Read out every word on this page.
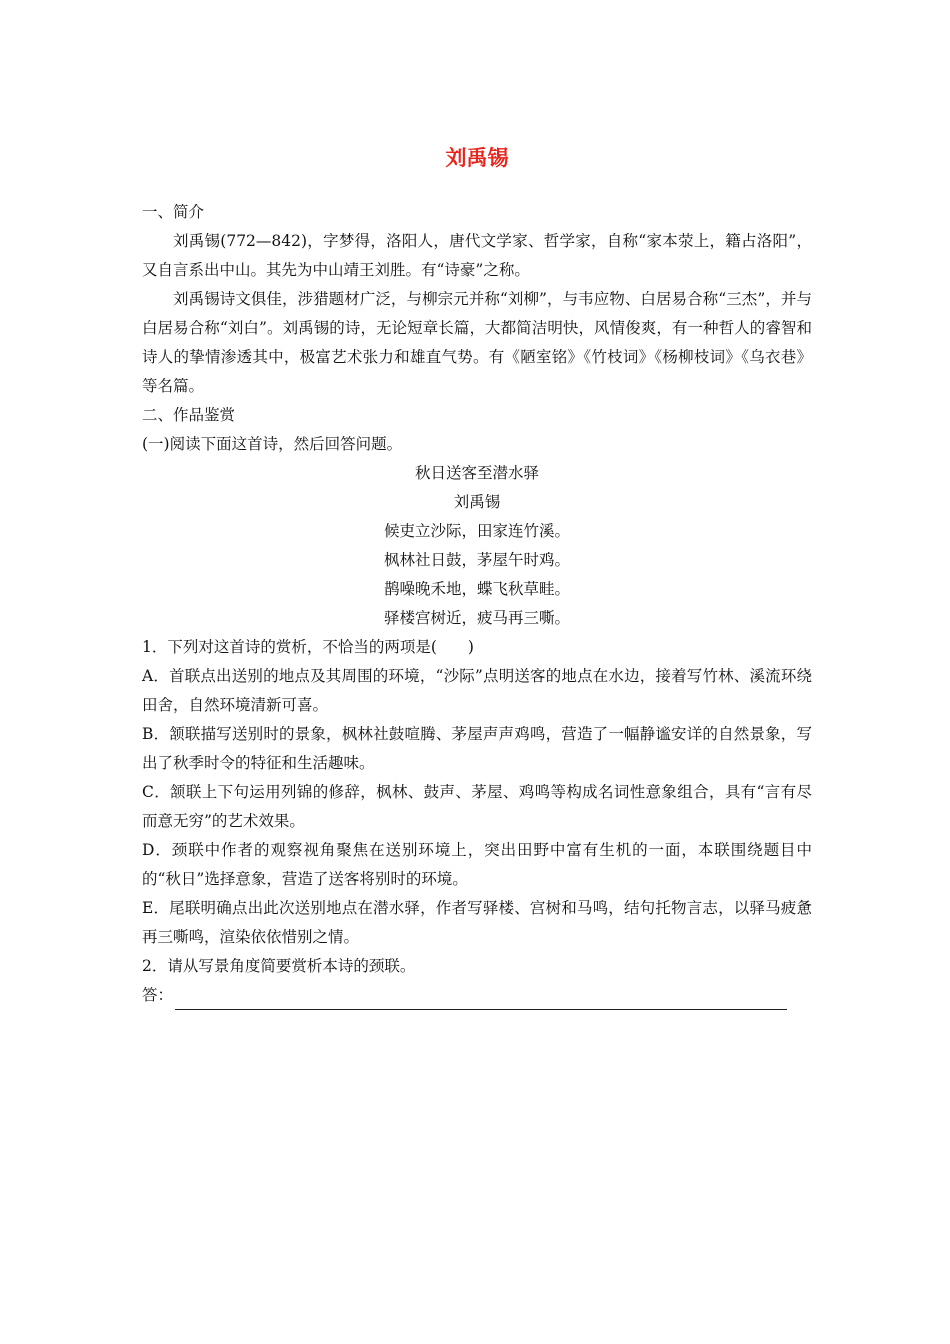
刘禹锡
一、简介

刘禹锡(772—842)，字梦得，洛阳人，唐代文学家、哲学家，自称“家本荥上，籍占洛阳”，又自言系出中山。其先为中山靖王刘胜。有“诗豪”之称。

刘禹锡诗文俱佳，涉猎题材广泛，与柳宗元并称“刘柳”，与韦应物、白居易合称“三杰”，并与白居易合称“刘白”。刘禹锡的诗，无论短章长篇，大都简洁明快，风情俊爽，有一种哲人的睿智和诗人的挚情渗透其中，极富艺术张力和雄直气势。有《陋室铭》《竹枝词》《杨柳枝词》《乌衣巷》等名篇。

二、作品鉴赏
(一)阅读下面这首诗，然后回答问题。
秋日送客至潜水驿
刘禹锡
候吏立沙际，田家连竹溪。
枫林社日鼓，茅屋午时鸡。
鹊噪晚禾地，蝶飞秋草畦。
驿楼宫树近，疲马再三嘶。
1．下列对这首诗的赏析，不恰当的两项是(　　)

A．首联点出送别的地点及其周围的环境，“沙际”点明送客的地点在水边，接着写竹林、溪流环绕田舍，自然环境清新可喜。

B．颔联描写送别时的景象，枫林社鼓喧腾、茅屋声声鸡鸣，营造了一幅静谧安详的自然景象，写出了秋季时令的特征和生活趣味。

C．颔联上下句运用列锦的修辞，枫林、鼓声、茅屋、鸡鸣等构成名词性意象组合，具有“言有尽而意无穷”的艺术效果。

D．颈联中作者的观察视角聚焦在送别环境上，突出田野中富有生机的一面，本联围绕题目中的“秋日”选择意象，营造了送客将别时的环境。

E．尾联明确点出此次送别地点在潜水驿，作者写驿楼、宫树和马鸣，结句托物言志，以驿马疲惫再三嘶鸣，渲染依依惜别之情。

2．请从写景角度简要赏析本诗的颈联。
答：
